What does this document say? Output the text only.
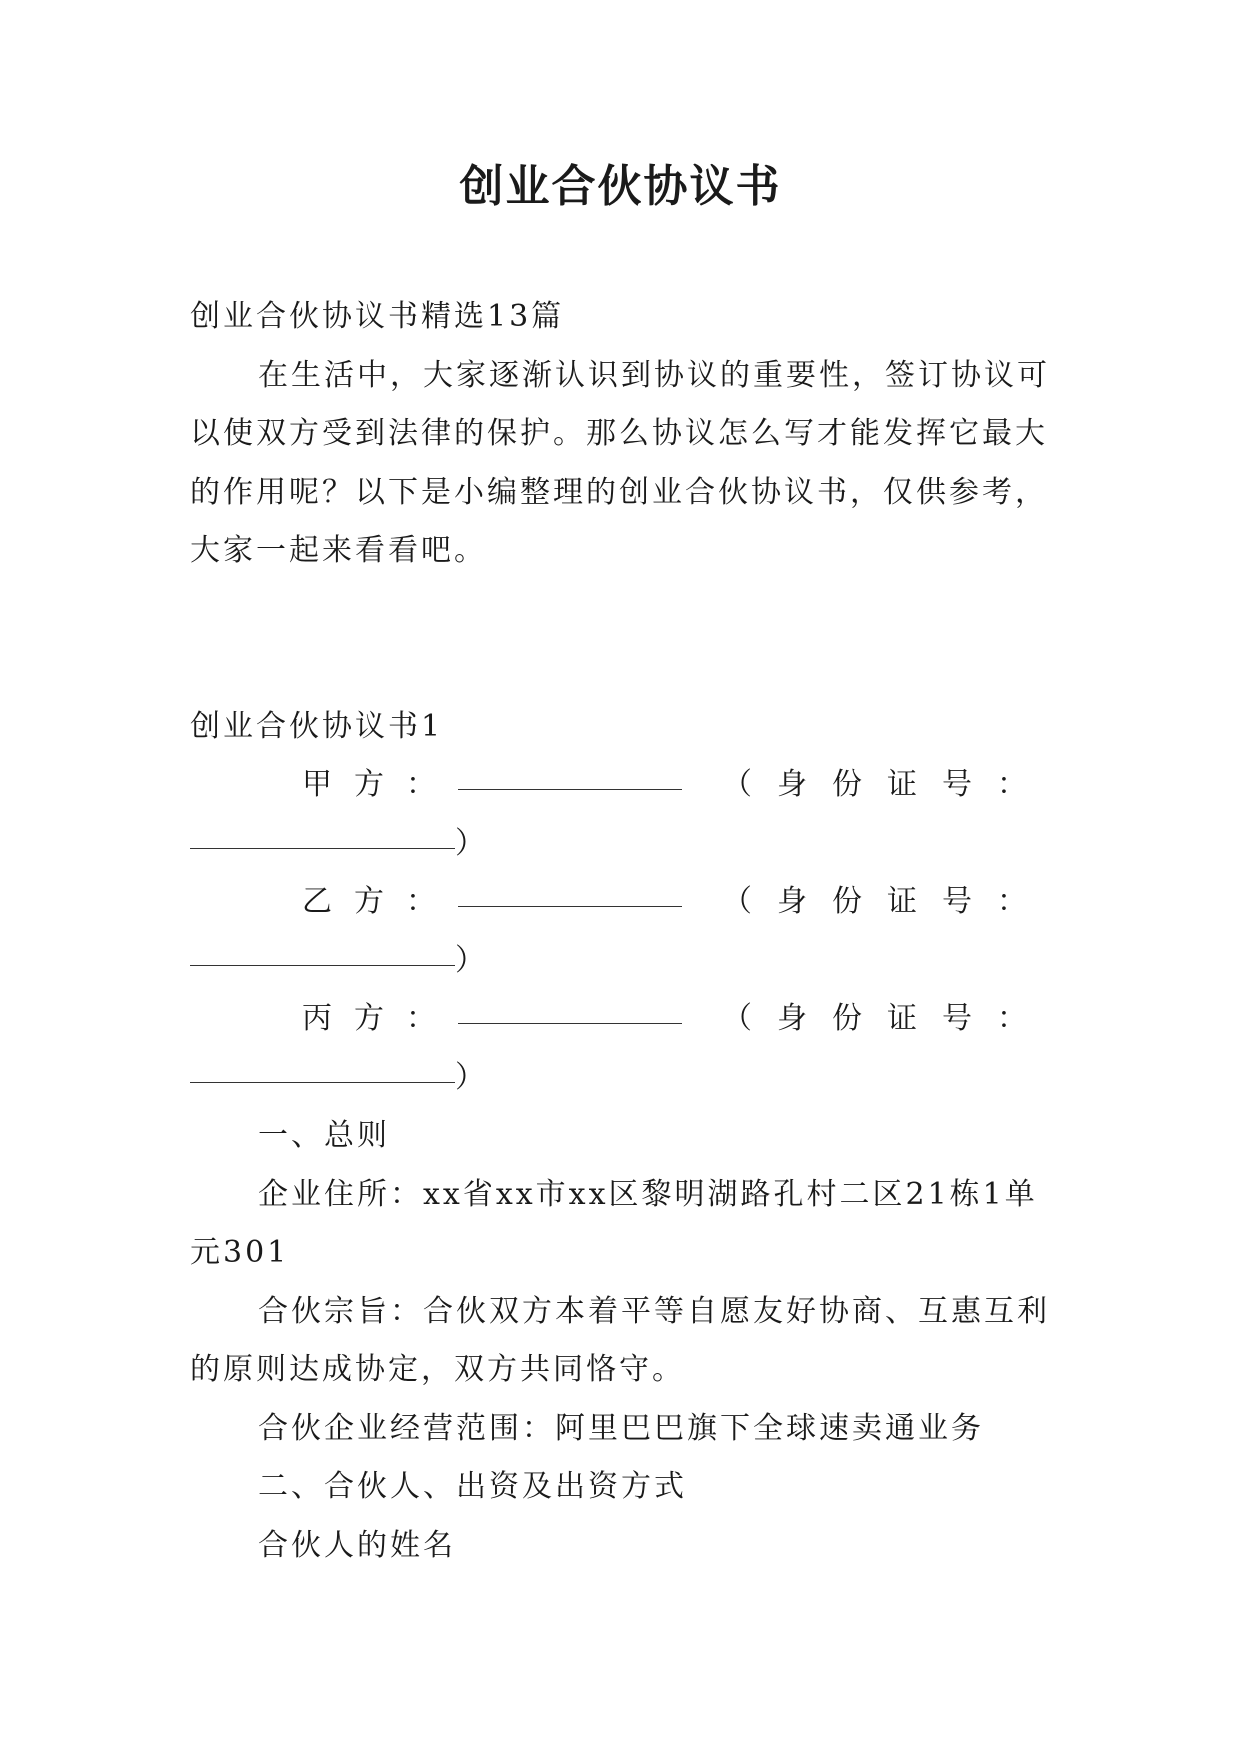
创业合伙协议书

创业合伙协议书精选13篇

在生活中，大家逐渐认识到协议的重要性，签订协议可以使双方受到法律的保护。那么协议怎么写才能发挥它最大的作用呢？以下是小编整理的创业合伙协议书，仅供参考，大家一起来看看吧。

创业合伙协议书1

甲方：	（身份证号：
）
乙方：	（身份证号：
）
丙方：	（身份证号：
）

一、总则

企业住所：xx省xx市xx区黎明湖路孔村二区21栋1单元301

合伙宗旨：合伙双方本着平等自愿友好协商、互惠互利的原则达成协定，双方共同恪守。

合伙企业经营范围：阿里巴巴旗下全球速卖通业务

二、合伙人、出资及出资方式

合伙人的姓名
